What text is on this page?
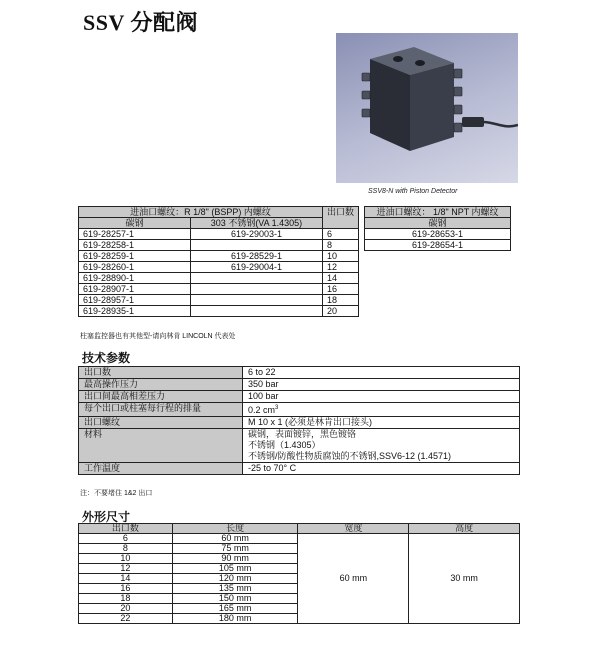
SSV 分配阀
SSV8-N with Piston Detector
进油口螺纹：R 1/8" (BSPP) 内螺纹		出口数		进油口螺纹： 1/8" NPT 内螺纹
碳钢	303 不锈钢(VA 1.4305)			碳钢
619-28257-1	619-29003-1	6		619-28653-1
619-28258-1		8		619-28654-1
619-28259-1	619-28529-1	10		
619-28260-1	619-29004-1	12		
619-28890-1		14		
619-28907-1		16		
619-28957-1		18		
619-28935-1		20		
柱塞监控器也有其他型-请向林肯 LINCOLN 代表处
技术参数
出口数	6 to 22
最高操作压力	350 bar
出口间最高相差压力	100 bar
每个出口或柱塞每行程的排量	0.2 $cm^3$
出口螺纹	M 10 x 1 (必须是林肯出口接头)
材料	碳钢，表面镀锌，黑色镀铬
不锈钢（1.4305）
不锈钢/防酸性物质腐蚀的不锈钢,SSV6-12 (1.4571)

工作温度	-25 to 70° C
注：不要堵住 1&2 出口
外形尺寸
出口数	长度	宽度	高度
6	60 mm	60 mm	30 mm
8	75 mm		
10	90 mm		
12	105 mm		
14	120 mm		
16	135 mm		
18	150 mm		
20	165 mm		
22	180 mm		
